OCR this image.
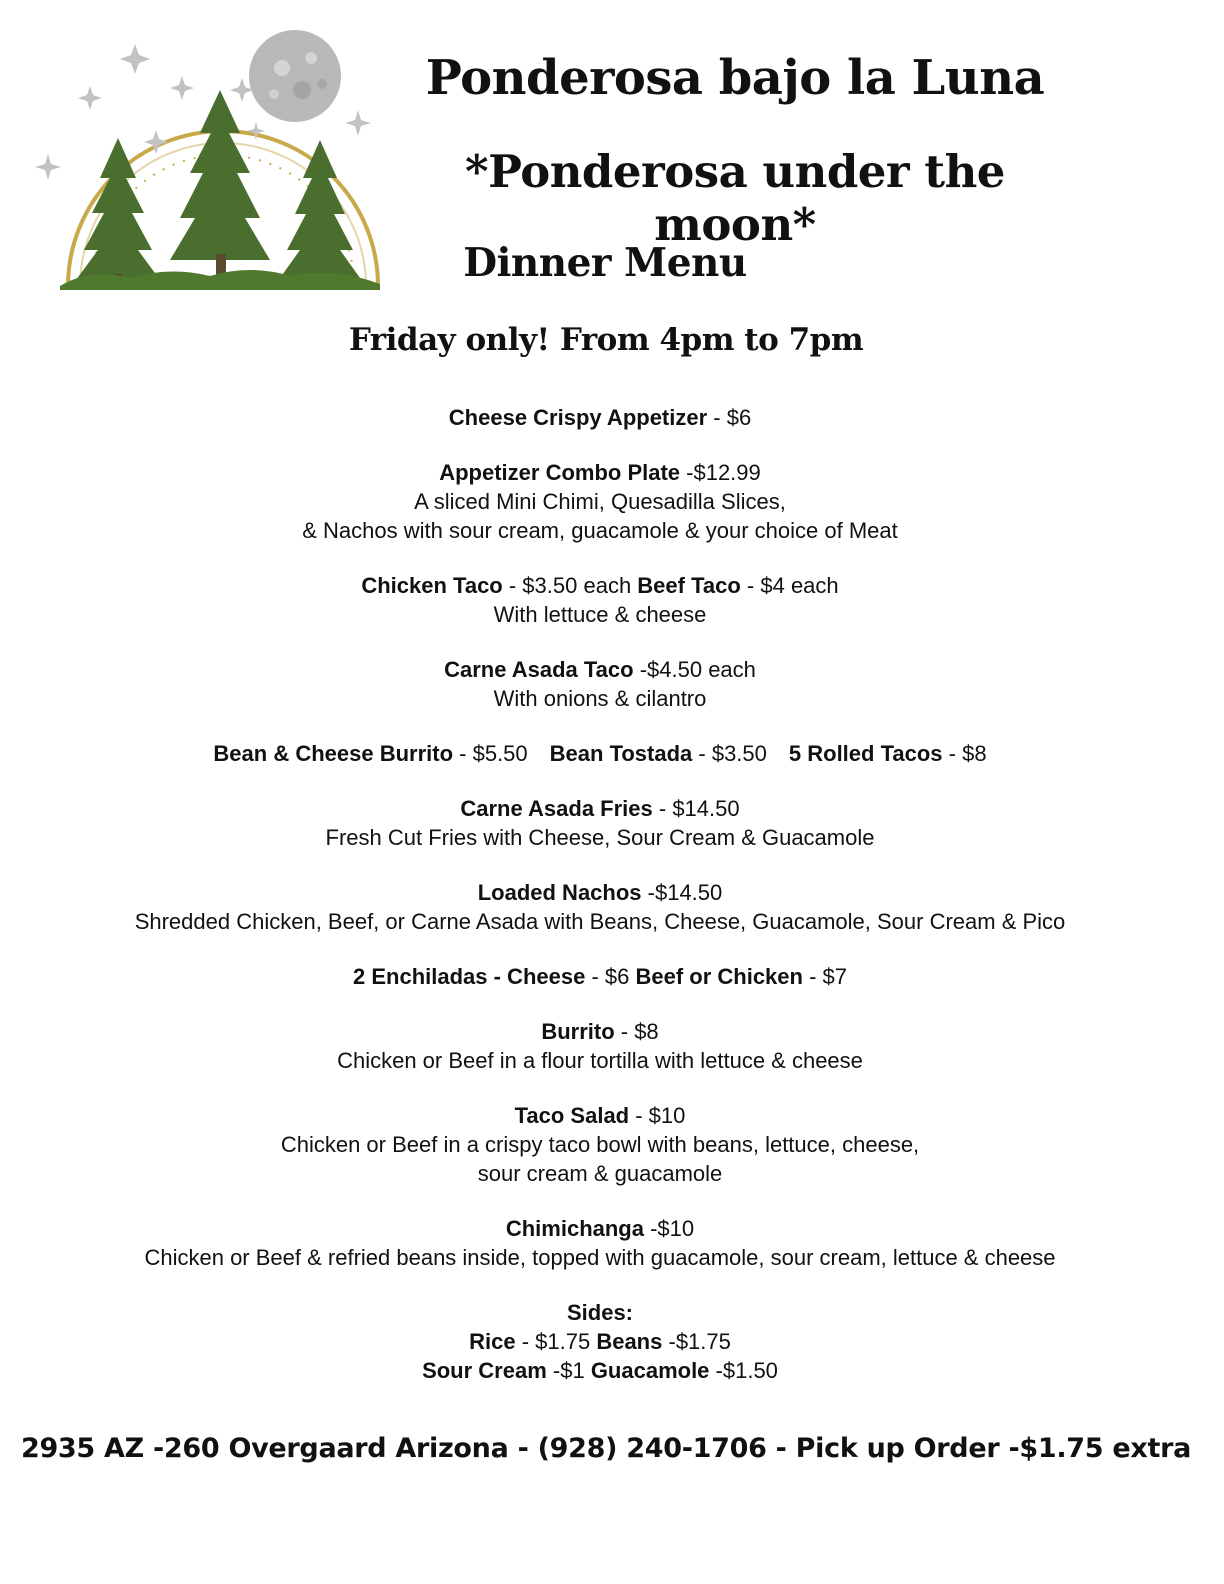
Ponderosa bajo la Luna
*Ponderosa under the moon*
Dinner Menu
Friday only! From 4pm to 7pm
Cheese Crispy Appetizer - $6
Appetizer Combo Plate -$12.99
A sliced Mini Chimi, Quesadilla Slices,
& Nachos with sour cream, guacamole & your choice of Meat
Chicken Taco - $3.50 each Beef Taco - $4 each
With lettuce & cheese
Carne Asada Taco -$4.50 each
With onions & cilantro
Bean & Cheese Burrito - $5.50 Bean Tostada - $3.50 5 Rolled Tacos - $8
Carne Asada Fries - $14.50
Fresh Cut Fries with Cheese, Sour Cream & Guacamole
Loaded Nachos -$14.50
Shredded Chicken, Beef, or Carne Asada with Beans, Cheese, Guacamole, Sour Cream & Pico
2 Enchiladas - Cheese - $6 Beef or Chicken - $7
Burrito - $8
Chicken or Beef in a flour tortilla with lettuce & cheese
Taco Salad - $10
Chicken or Beef in a crispy taco bowl with beans, lettuce, cheese,
sour cream & guacamole
Chimichanga -$10
Chicken or Beef & refried beans inside, topped with guacamole, sour cream, lettuce & cheese
Sides:
Rice - $1.75 Beans -$1.75
Sour Cream -$1 Guacamole -$1.50
2935 AZ -260 Overgaard Arizona - (928) 240-1706 - Pick up Order -$1.75 extra
